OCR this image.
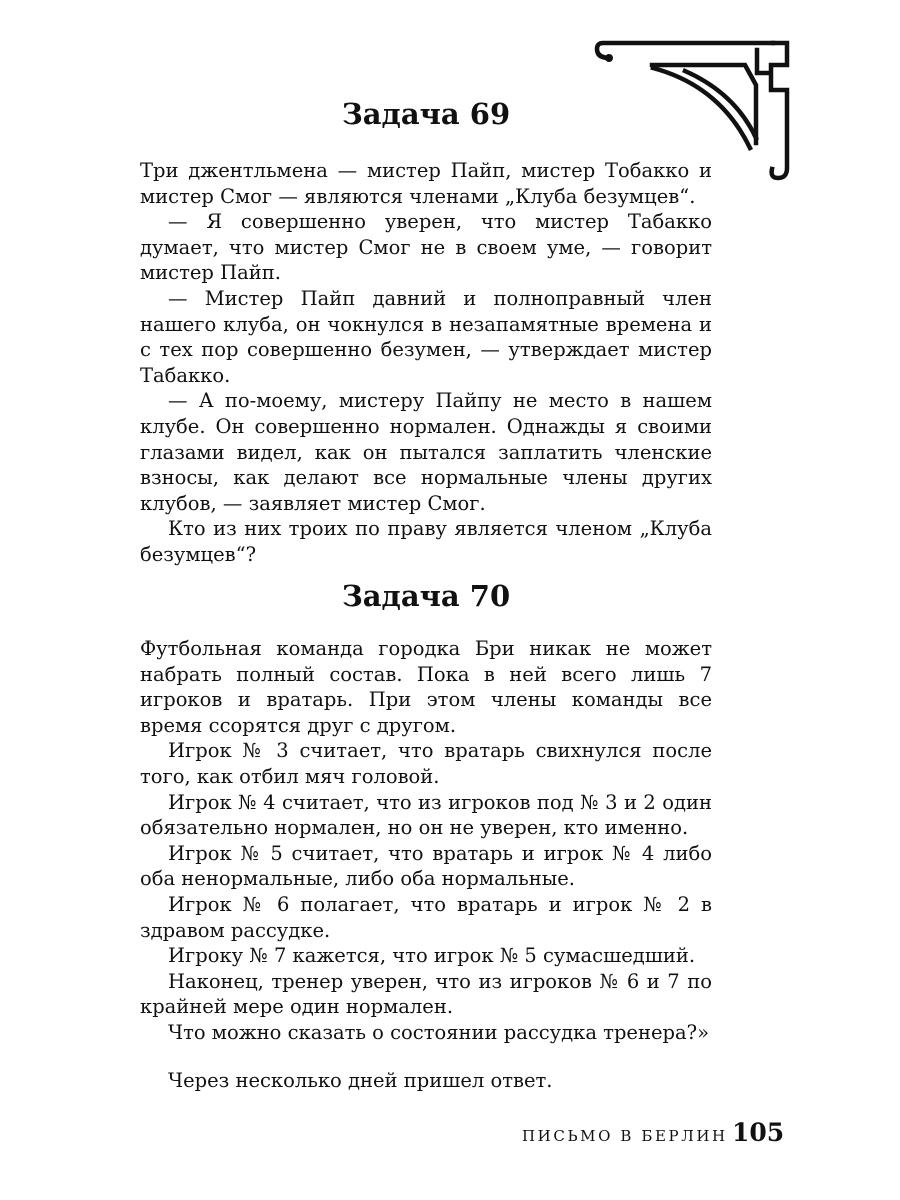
Задача 69

Три джентльмена — мистер Пайп, мистер Тобакко и мистер Смог — являются членами „Клуба безумцев“.

— Я совершенно уверен, что мистер Табакко думает, что мистер Смог не в своем уме, — говорит мистер Пайп.

— Мистер Пайп давний и полноправный член нашего клуба, он чокнулся в незапамятные времена и с тех пор совершенно безумен, — утверждает мистер Табакко.

— А по-моему, мистеру Пайпу не место в нашем клубе. Он совершенно нормален. Однажды я своими глазами видел, как он пытался заплатить членские взносы, как делают все нормальные члены других клубов, — заявляет мистер Смог.

Кто из них троих по праву является членом „Клуба безумцев“?

Задача 70

Футбольная команда городка Бри никак не может набрать полный состав. Пока в ней всего лишь 7 игроков и вратарь. При этом члены команды все время ссорятся друг с другом.

Игрок № 3 считает, что вратарь свихнулся после того, как отбил мяч головой.

Игрок № 4 считает, что из игроков под № 3 и 2 один обязательно нормален, но он не уверен, кто именно.

Игрок № 5 считает, что вратарь и игрок № 4 либо оба ненормальные, либо оба нормальные.

Игрок № 6 полагает, что вратарь и игрок № 2 в здравом рассудке.

Игроку № 7 кажется, что игрок № 5 сумасшедший.

Наконец, тренер уверен, что из игроков № 6 и 7 по крайней мере один нормален.

Что можно сказать о состоянии рассудка тренера?»

Через несколько дней пришел ответ.

ПИСЬМО В БЕРЛИН 105
